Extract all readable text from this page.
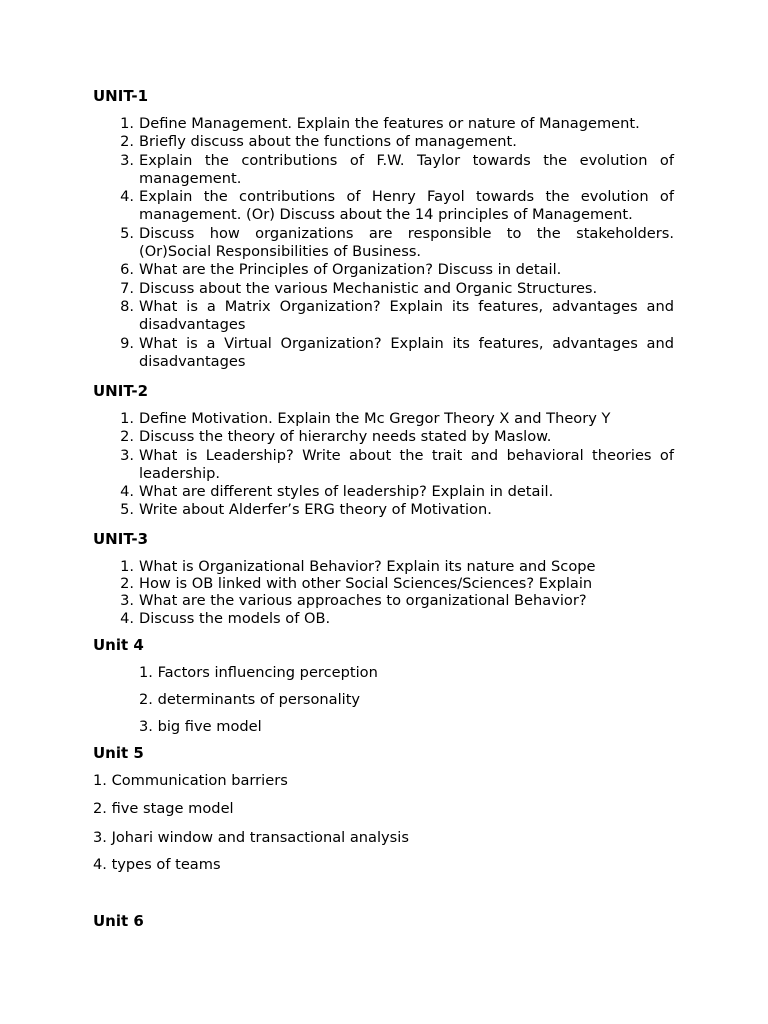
UNIT-1
1. Define Management. Explain the features or nature of Management.
2. Briefly discuss about the functions of management.
3. Explain the contributions of F.W. Taylor towards the evolution of management.
4. Explain the contributions of Henry Fayol towards the evolution of management. (Or) Discuss about the 14 principles of Management.
5. Discuss how organizations are responsible to the stakeholders. (Or)Social Responsibilities of Business.
6. What are the Principles of Organization? Discuss in detail.
7. Discuss about the various Mechanistic and Organic Structures.
8. What is a Matrix Organization? Explain its features, advantages and disadvantages
9. What is a Virtual Organization? Explain its features, advantages and disadvantages
UNIT-2
1. Define Motivation. Explain the Mc Gregor Theory X and Theory Y
2. Discuss the theory of hierarchy needs stated by Maslow.
3. What is Leadership? Write about the trait and behavioral theories of leadership.
4. What are different styles of leadership? Explain in detail.
5. Write about Alderfer’s ERG theory of Motivation.
UNIT-3
1. What is Organizational Behavior? Explain its nature and Scope
2. How is OB linked with other Social Sciences/Sciences? Explain
3. What are the various approaches to organizational Behavior?
4. Discuss the models of OB.
Unit 4

1. Factors influencing perception

2. determinants of personality

3. big five model

Unit 5

1. Communication barriers

2. five stage model

3. Johari window and transactional analysis

4. types of teams

Unit 6
